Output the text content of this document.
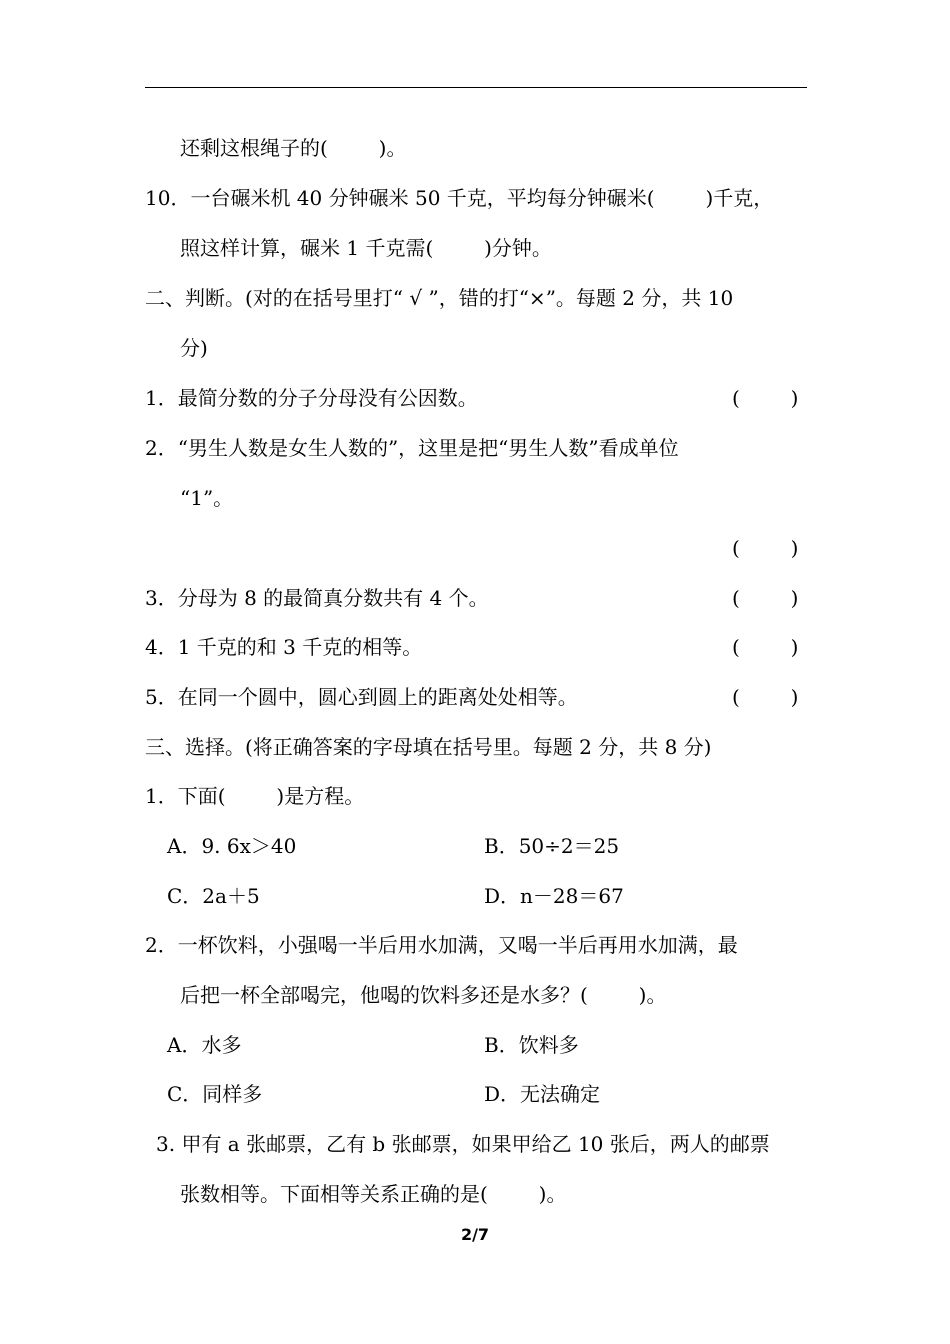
还剩这根绳子的(        )。
10．一台碾米机 40 分钟碾米 50 千克，平均每分钟碾米(        )千克，
照这样计算，碾米 1 千克需(        )分钟。
二、判断。(对的在括号里打“ √ ”，错的打“×”。每题 2 分，共 10
分)
1．最简分数的分子分母没有公因数。	(        )
2．“男生人数是女生人数的”，这里是把“男生人数”看成单位
“1”。
(        )
3．分母为 8 的最简真分数共有 4 个。	(        )
4．1 千克的和 3 千克的相等。	(        )
5．在同一个圆中，圆心到圆上的距离处处相等。	(        )
三、选择。(将正确答案的字母填在括号里。每题 2 分，共 8 分)
1．下面(        )是方程。
A．9. 6x＞40	B．50÷2＝25
C．2a＋5	D．n－28＝67
2．一杯饮料，小强喝一半后用水加满，又喝一半后再用水加满，最
后把一杯全部喝完，他喝的饮料多还是水多？(        )。
A．水多	B．饮料多
C．同样多	D．无法确定
3. 甲有 a 张邮票，乙有 b 张邮票，如果甲给乙 10 张后，两人的邮票
张数相等。下面相等关系正确的是(        )。
2/7
